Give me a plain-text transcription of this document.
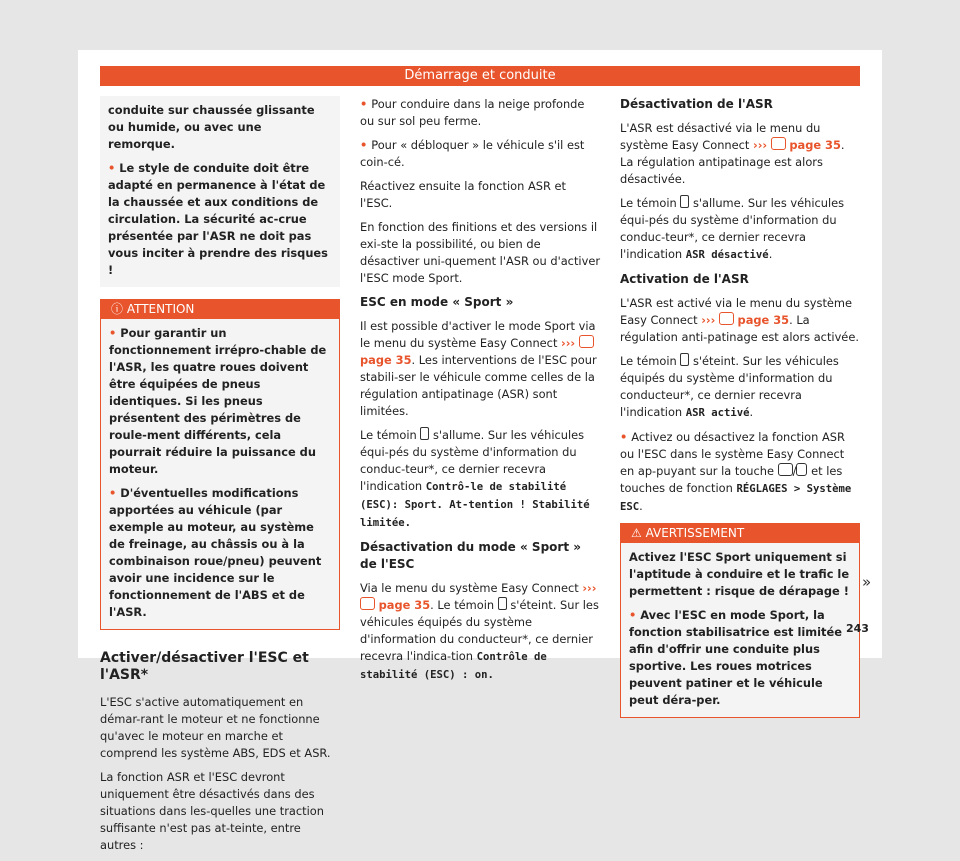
Démarrage et conduite

conduite sur chaussée glissante ou humide, ou avec une remorque.

• Le style de conduite doit être adapté en permanence à l'état de la chaussée et aux conditions de circulation. La sécurité ac-crue présentée par l'ASR ne doit pas vous inciter à prendre des risques !

ⓘ ATTENTION

• Pour garantir un fonctionnement irrépro-chable de l'ASR, les quatre roues doivent être équipées de pneus identiques. Si les pneus présentent des périmètres de roule-ment différents, cela pourrait réduire la puissance du moteur.

• D'éventuelles modifications apportées au véhicule (par exemple au moteur, au système de freinage, au châssis ou à la combinaison roue/pneu) peuvent avoir une incidence sur le fonctionnement de l'ABS et de l'ASR.

Activer/désactiver l'ESC et l'ASR*

L'ESC s'active automatiquement en démar-rant le moteur et ne fonctionne qu'avec le moteur en marche et comprend les système ABS, EDS et ASR.

La fonction ASR et l'ESC devront uniquement être désactivés dans des situations dans les-quelles une traction suffisante n'est pas at-teinte, entre autres :

• Pour conduire dans la neige profonde ou sur sol peu ferme.

• Pour « débloquer » le véhicule s'il est coin-cé.

Réactivez ensuite la fonction ASR et l'ESC.

En fonction des finitions et des versions il exi-ste la possibilité, ou bien de désactiver uni-quement l'ASR ou d'activer l'ESC mode Sport.

ESC en mode « Sport »

Il est possible d'activer le mode Sport via le menu du système Easy Connect ›››  page 35. Les interventions de l'ESC pour stabili-ser le véhicule comme celles de la régulation antipatinage (ASR) sont limitées.

Le témoin s'allume. Sur les véhicules équi-pés du système d'information du conduc-teur*, ce dernier recevra l'indication Contrô-le de stabilité (ESC): Sport. At-tention ! Stabilité limitée.

Désactivation du mode « Sport » de l'ESC

Via le menu du système Easy Connect ›››  page 35. Le témoin s'éteint. Sur les véhicules équipés du système d'information du conducteur*, ce dernier recevra l'indica-tion Contrôle de stabilité (ESC) : on.

Désactivation de l'ASR

L'ASR est désactivé via le menu du système Easy Connect ››› page 35. La régulation antipatinage est alors désactivée.

Le témoin s'allume. Sur les véhicules équi-pés du système d'information du conduc-teur*, ce dernier recevra l'indication ASR désactivé.

Activation de l'ASR

L'ASR est activé via le menu du système Easy Connect ››› page 35. La régulation anti-patinage est alors activée.

Le témoin s'éteint. Sur les véhicules équipés du système d'information du conducteur*, ce dernier recevra l'indication ASR activé.

• Activez ou désactivez la fonction ASR ou l'ESC dans le système Easy Connect en ap-puyant sur la touche / et les touches de fonction RÉGLAGES > Système ESC.

⚠ AVERTISSEMENT

Activez l'ESC Sport uniquement si l'aptitude à conduire et le trafic le permettent : risque de dérapage !

• Avec l'ESC en mode Sport, la fonction stabilisatrice est limitée afin d'offrir une conduite plus sportive. Les roues motrices peuvent patiner et le véhicule peut déra-per.

»
243
